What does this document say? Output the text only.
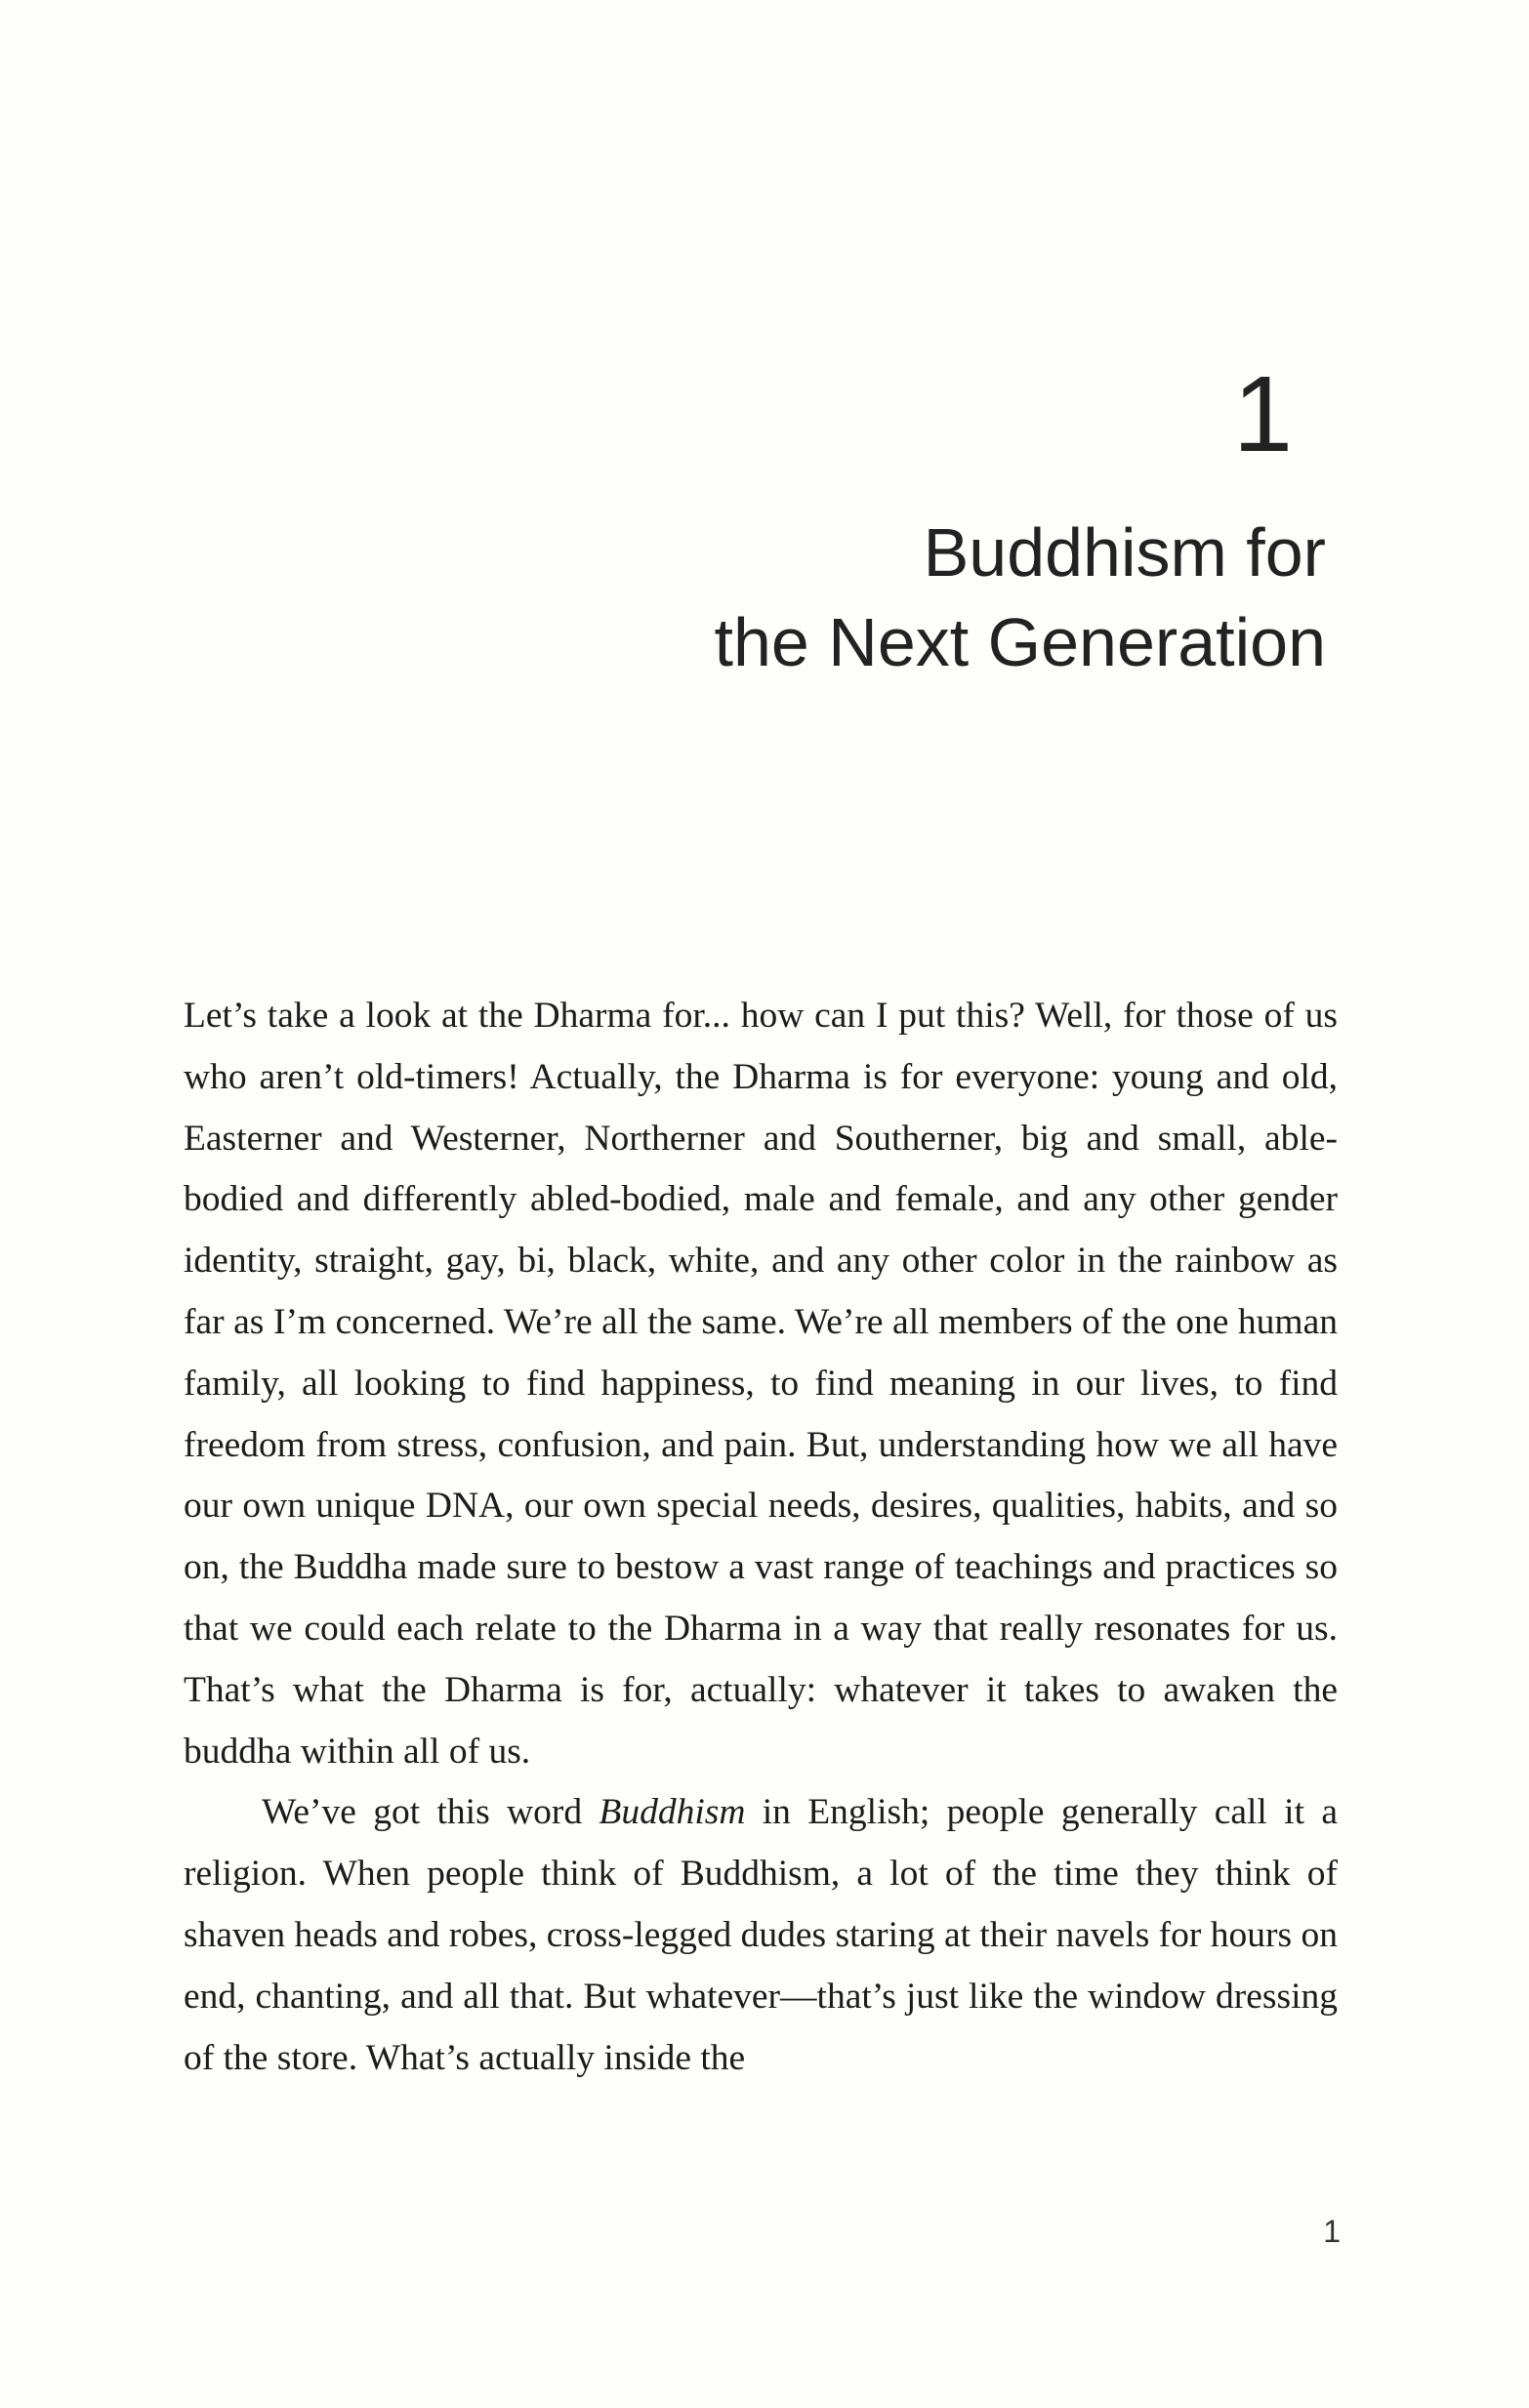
1
Buddhism for
the Next Generation

Let’s take a look at the Dharma for... how can I put this? Well, for those of us who aren’t old-timers! Actually, the Dharma is for everyone: young and old, Easterner and Westerner, Northerner and Southerner, big and small, able-bodied and differently abled-bodied, male and female, and any other gender identity, straight, gay, bi, black, white, and any other color in the rainbow as far as I’m concerned. We’re all the same. We’re all members of the one human family, all looking to find happiness, to find meaning in our lives, to find freedom from stress, confusion, and pain. But, understanding how we all have our own unique DNA, our own special needs, desires, qualities, habits, and so on, the Buddha made sure to bestow a vast range of teachings and practices so that we could each relate to the Dharma in a way that really resonates for us. That’s what the Dharma is for, actually: whatever it takes to awaken the buddha within all of us.

We’ve got this word Buddhism in English; people generally call it a religion. When people think of Buddhism, a lot of the time they think of shaven heads and robes, cross-legged dudes staring at their navels for hours on end, chanting, and all that. But whatever—that’s just like the window dressing of the store. What’s actually inside the

1
